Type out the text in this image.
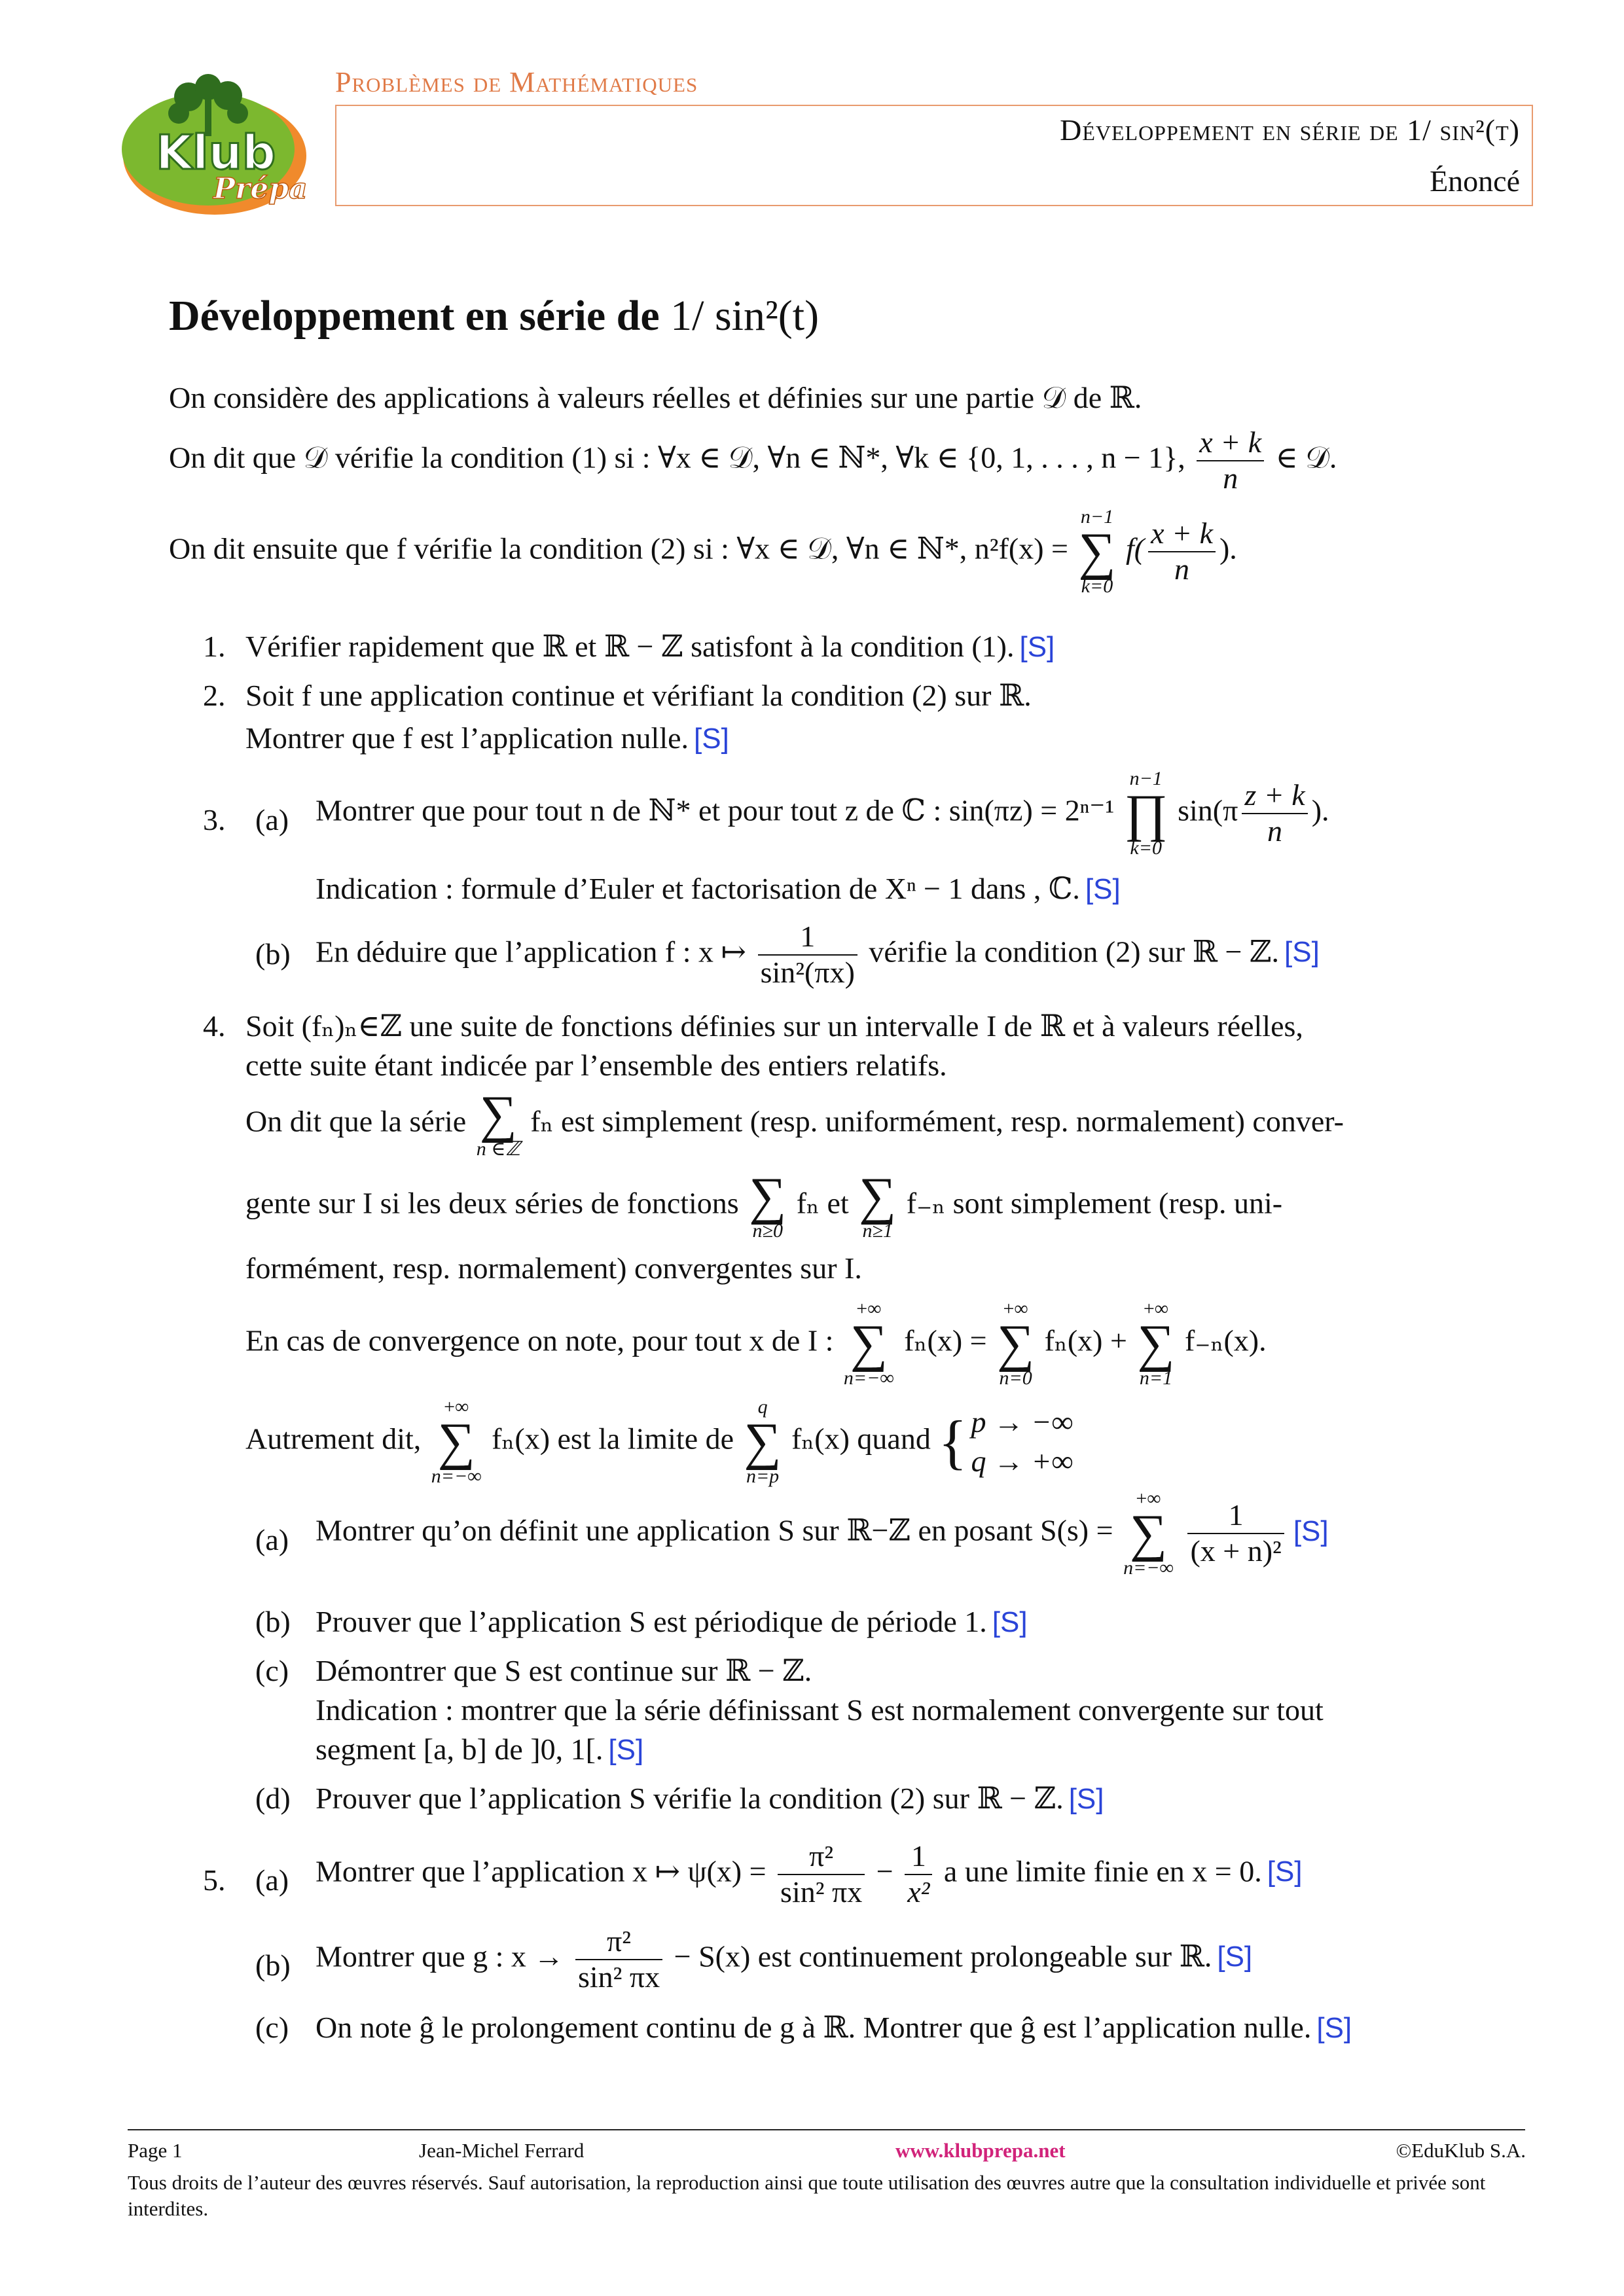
Klub
Prépa
Problèmes de Mathématiques
Développement en série de 1/ sin²(t)
Énoncé
Développement en série de 1/ sin²(t)
On considère des applications à valeurs réelles et définies sur une partie 𝒟 de ℝ.
On dit que 𝒟 vérifie la condition (1) si : ∀x ∈ 𝒟, ∀n ∈ ℕ*, ∀k ∈ {0, 1, . . . , n − 1}, $\frac{x + k}{n}$ ∈ 𝒟.
On dit ensuite que f vérifie la condition (2) si : ∀x ∈ 𝒟, ∀n ∈ ℕ*, n²f(x) =
n−1
∑
k=0
$f( \frac{x + k}{n}$ ).
1. Vérifier rapidement que ℝ et ℝ − ℤ satisfont à la condition (1). [S]
2. Soit f une application continue et vérifiant la condition (2) sur ℝ.
Montrer que f est l’application nulle. [S]
3. (a) Montrer que pour tout n de ℕ* et pour tout z de ℂ : sin(πz) = 2ⁿ⁻¹
n−1
∏
k=0
$\sin(\pi \frac{z + k}{n}$ ).
Indication : formule d’Euler et factorisation de Xⁿ − 1 dans , ℂ. [S]
(b) En déduire que l’application f : x ↦ $\frac{1}{\text{sin²(πx)}}$ vérifie la condition (2) sur ℝ − ℤ. [S]
4. Soit (fₙ)ₙ∈ℤ une suite de fonctions définies sur un intervalle I de ℝ et à valeurs réelles,
cette suite étant indicée par l’ensemble des entiers relatifs.
On dit que la série ∑
n ∈ℤ
fₙ est simplement (resp. uniformément, resp. normalement) conver-
gente sur I si les deux séries de fonctions ∑
n≥0
fₙ et ∑
n≥1
f₋ₙ sont simplement (resp. uni-
formément, resp. normalement) convergentes sur I.
En cas de convergence on note, pour tout x de I :
+∞
∑
n=−∞
fₙ(x) =
+∞
∑
n=0
fₙ(x) +
+∞
∑
n=1
f₋ₙ(x).
Autrement dit,
+∞
∑
n=−∞
fₙ(x) est la limite de
q
∑
n=p
fₙ(x) quand { p → −∞
q → +∞
(a) Montrer qu’on définit une application S sur ℝ−ℤ en posant S(s) =
+∞
∑
n=−∞
$\frac{1}{\text{(x + n)²}} [S]$
(b) Prouver que l’application S est périodique de période 1. [S]
(c) Démontrer que S est continue sur ℝ − ℤ.
Indication : montrer que la série définissant S est normalement convergente sur tout
segment [a, b] de ]0, 1[. [S]
(d) Prouver que l’application S vérifie la condition (2) sur ℝ − ℤ. [S]
5. (a) Montrer que l’application x ↦ $\psi(x) = \frac{\text{π²}}{\text{sin² πx}} - \frac{1}{\text{x²}}$ a une limite finie en x = 0. [S]
(b) Montrer que g : $x \to \frac{\text{π²}}{\text{sin² πx}} - S(x)$ est continuement prolongeable sur ℝ. [S]
(c) On note ĝ le prolongement continu de g à ℝ. Montrer que ĝ est l’application nulle. [S]
Page 1	Jean-Michel Ferrard	www.klubprepa.net	©EduKlub S.A.
Tous droits de l’auteur des œuvres réservés. Sauf autorisation, la reproduction ainsi que toute utilisation des œuvres autre que la consultation individuelle et privée sont interdites.
